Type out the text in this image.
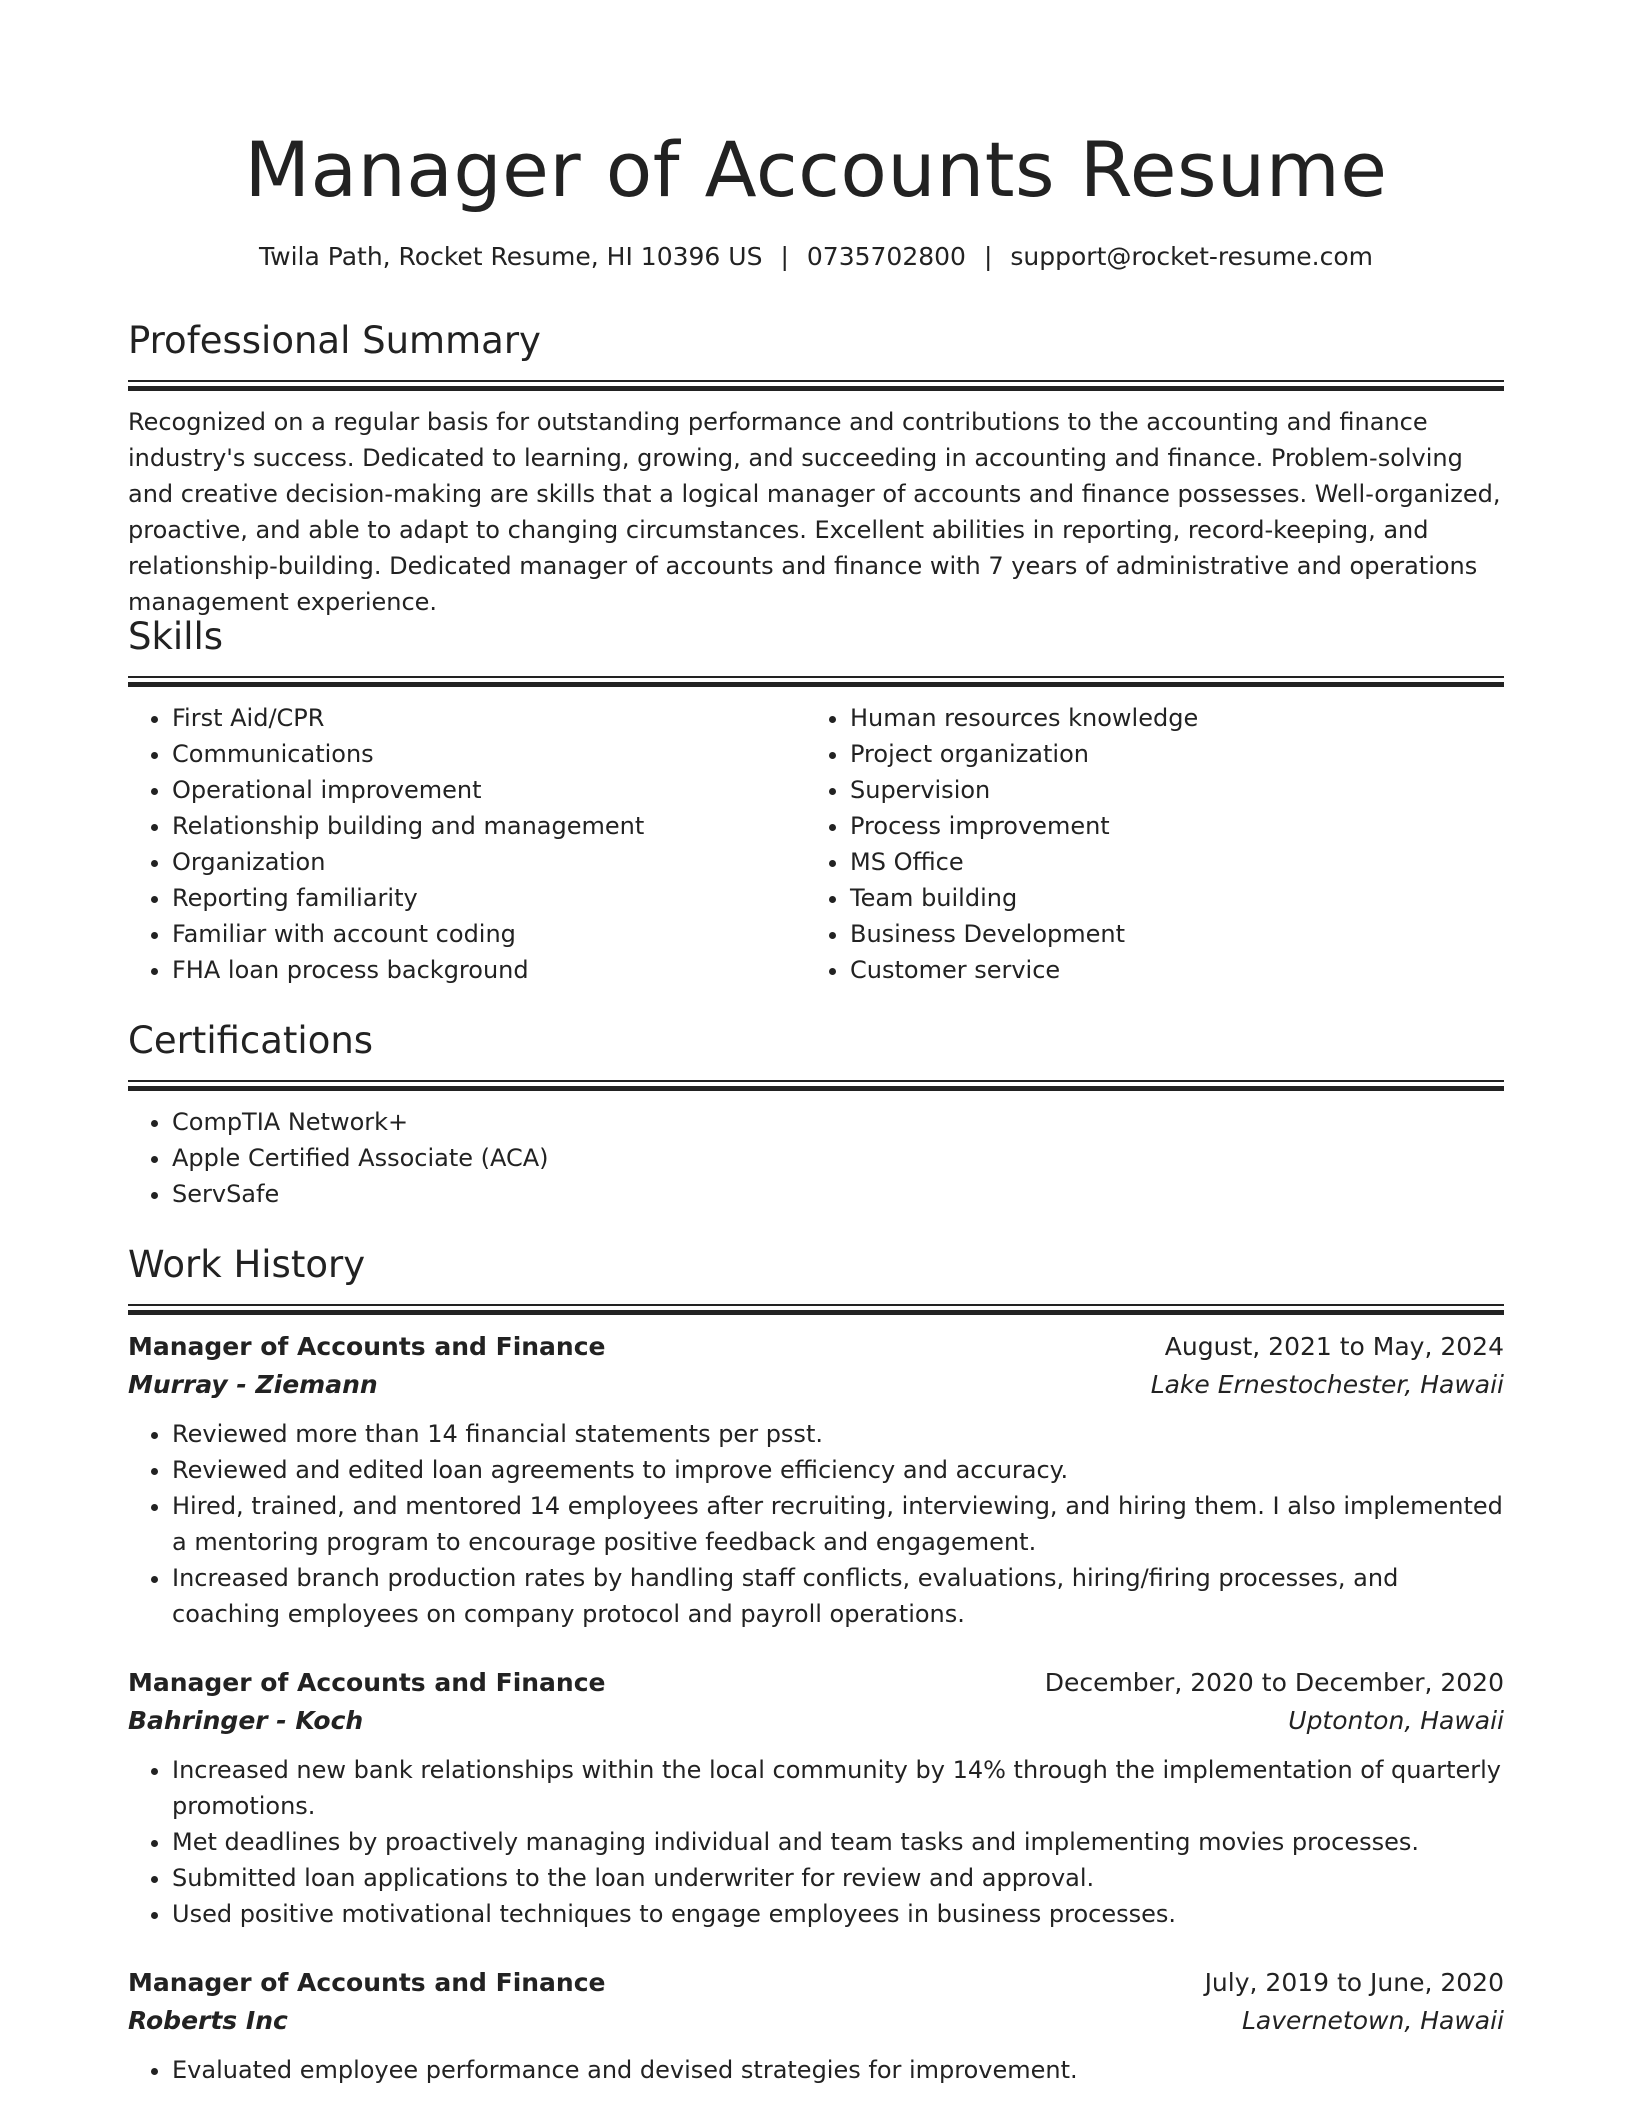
Manager of Accounts Resume
Twila Path, Rocket Resume, HI 10396 US | 0735702800 | support@rocket-resume.com
Professional Summary

Recognized on a regular basis for outstanding performance and contributions to the accounting and finance industry's success. Dedicated to learning, growing, and succeeding in accounting and finance. Problem-solving and creative decision-making are skills that a logical manager of accounts and finance possesses. Well-organized, proactive, and able to adapt to changing circumstances. Excellent abilities in reporting, record-keeping, and relationship-building. Dedicated manager of accounts and finance with 7 years of administrative and operations management experience.

Skills
• First Aid/CPR
• Communications
• Operational improvement
• Relationship building and management
• Organization
• Reporting familiarity
• Familiar with account coding
• FHA loan process background
• Human resources knowledge
• Project organization
• Supervision
• Process improvement
• MS Office
• Team building
• Business Development
• Customer service
Certifications
• CompTIA Network+
• Apple Certified Associate (ACA)
• ServSafe
Work History
Manager of Accounts and Finance	August, 2021 to May, 2024
Murray - Ziemann	Lake Ernestochester, Hawaii
• Reviewed more than 14 financial statements per psst.
• Reviewed and edited loan agreements to improve efficiency and accuracy.
• Hired, trained, and mentored 14 employees after recruiting, interviewing, and hiring them. I also implemented a mentoring program to encourage positive feedback and engagement.
• Increased branch production rates by handling staff conflicts, evaluations, hiring/firing processes, and coaching employees on company protocol and payroll operations.
Manager of Accounts and Finance	December, 2020 to December, 2020
Bahringer - Koch	Uptonton, Hawaii
• Increased new bank relationships within the local community by 14% through the implementation of quarterly promotions.
• Met deadlines by proactively managing individual and team tasks and implementing movies processes.
• Submitted loan applications to the loan underwriter for review and approval.
• Used positive motivational techniques to engage employees in business processes.
Manager of Accounts and Finance	July, 2019 to June, 2020
Roberts Inc	Lavernetown, Hawaii
• Evaluated employee performance and devised strategies for improvement.
